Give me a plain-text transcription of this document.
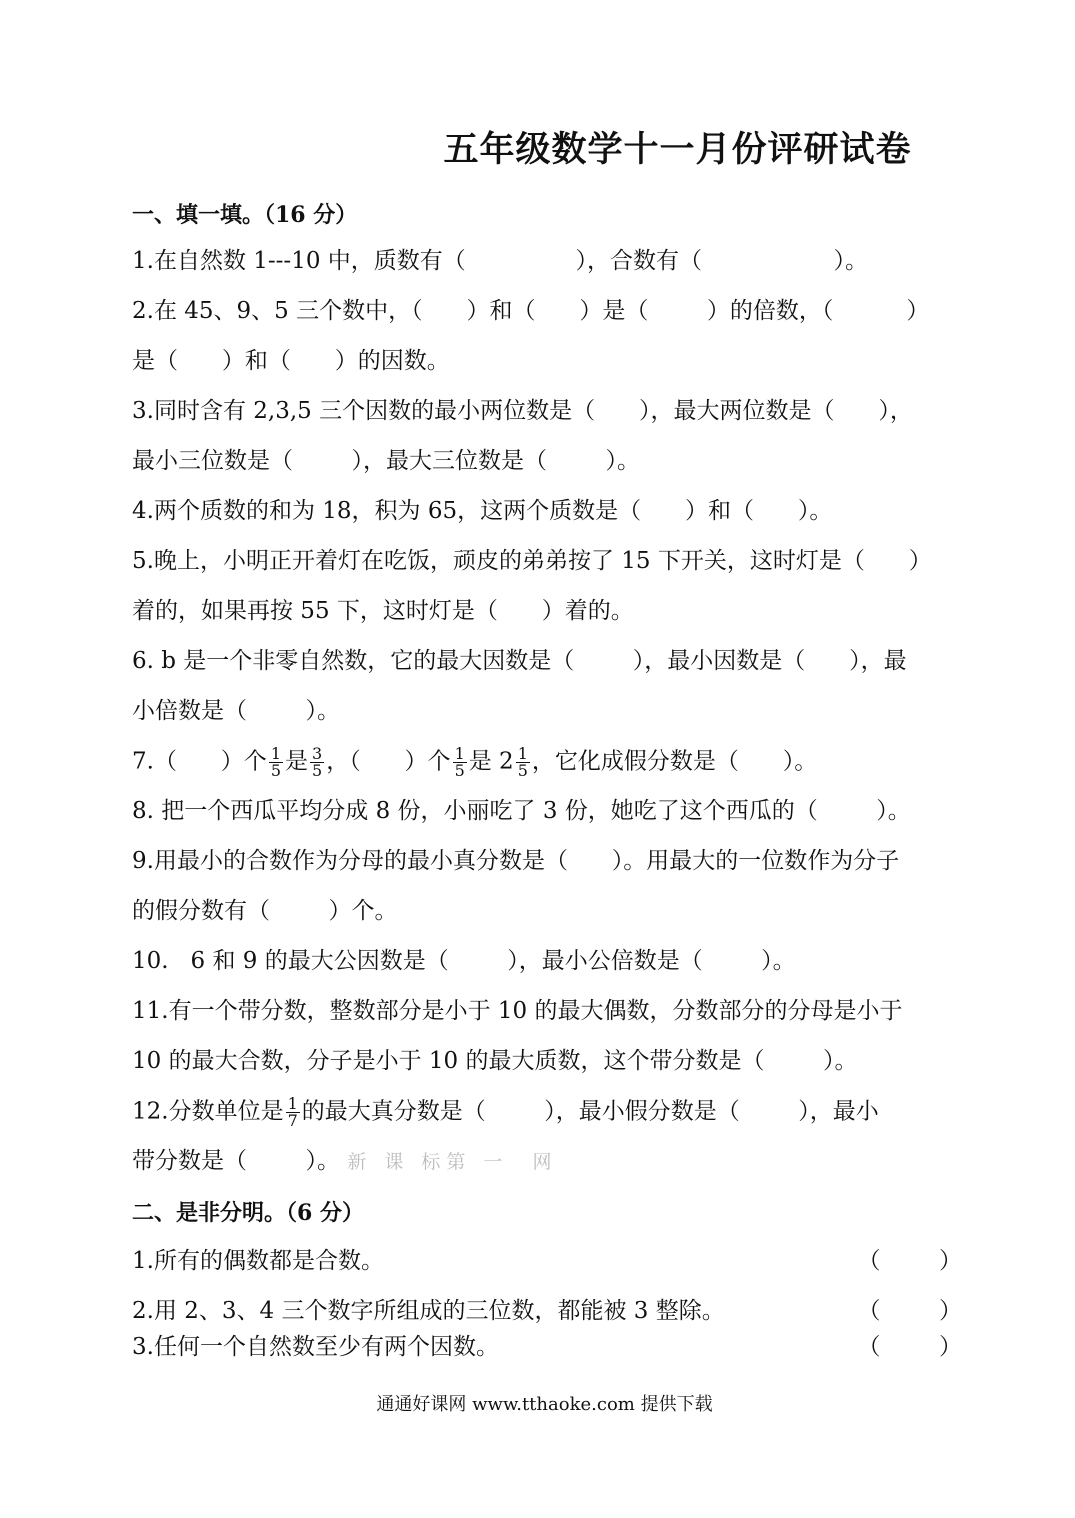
五年级数学十一月份评研试卷
一、填一填。（16 分）
1.在自然数 1---10 中，质数有（               ），合数有（                  ）。
2.在 45、9、5 三个数中，（      ）和（      ）是（        ）的倍数，（          ）
是（      ）和（      ）的因数。
3.同时含有 2,3,5 三个因数的最小两位数是（      ），最大两位数是（      ），
最小三位数是（        ），最大三位数是（        ）。
4.两个质数的和为 18，积为 65，这两个质数是（      ）和（      ）。
5.晚上，小明正开着灯在吃饭，顽皮的弟弟按了 15 下开关，这时灯是（      ）
着的，如果再按 55 下，这时灯是（      ）着的。
6. b 是一个非零自然数，它的最大因数是（        ），最小因数是（      ），最
小倍数是（        ）。
7.（      ）个 $\frac{1}{5}$ 是 $\frac{3}{5}$ ，（      ）个 $\frac{1}{5}$ 是 $2 \frac{1}{5}$ ，它化成假分数是（      ）。
8. 把一个西瓜平均分成 8 份，小丽吃了 3 份，她吃了这个西瓜的（        ）。
9.用最小的合数作为分母的最小真分数是（      ）。用最大的一位数作为分子
的假分数有（        ）个。
10.   6 和 9 的最大公因数是（        ），最小公倍数是（        ）。
11.有一个带分数，整数部分是小于 10 的最大偶数，分数部分的分母是小于
10 的最大合数，分子是小于 10 的最大质数，这个带分数是（        ）。
12.分数单位是 $\frac{1}{7}$ 的最大真分数是（        ），最小假分数是（        ），最小
带分数是（        ）。 新 课 标第 一  网
二、是非分明。（6 分）
1.所有的偶数都是合数。	（        ）
2.用 2、3、4 三个数字所组成的三位数，都能被 3 整除。	（        ）
3.任何一个自然数至少有两个因数。	（        ）
通通好课网 www.tthaoke.com 提供下载
